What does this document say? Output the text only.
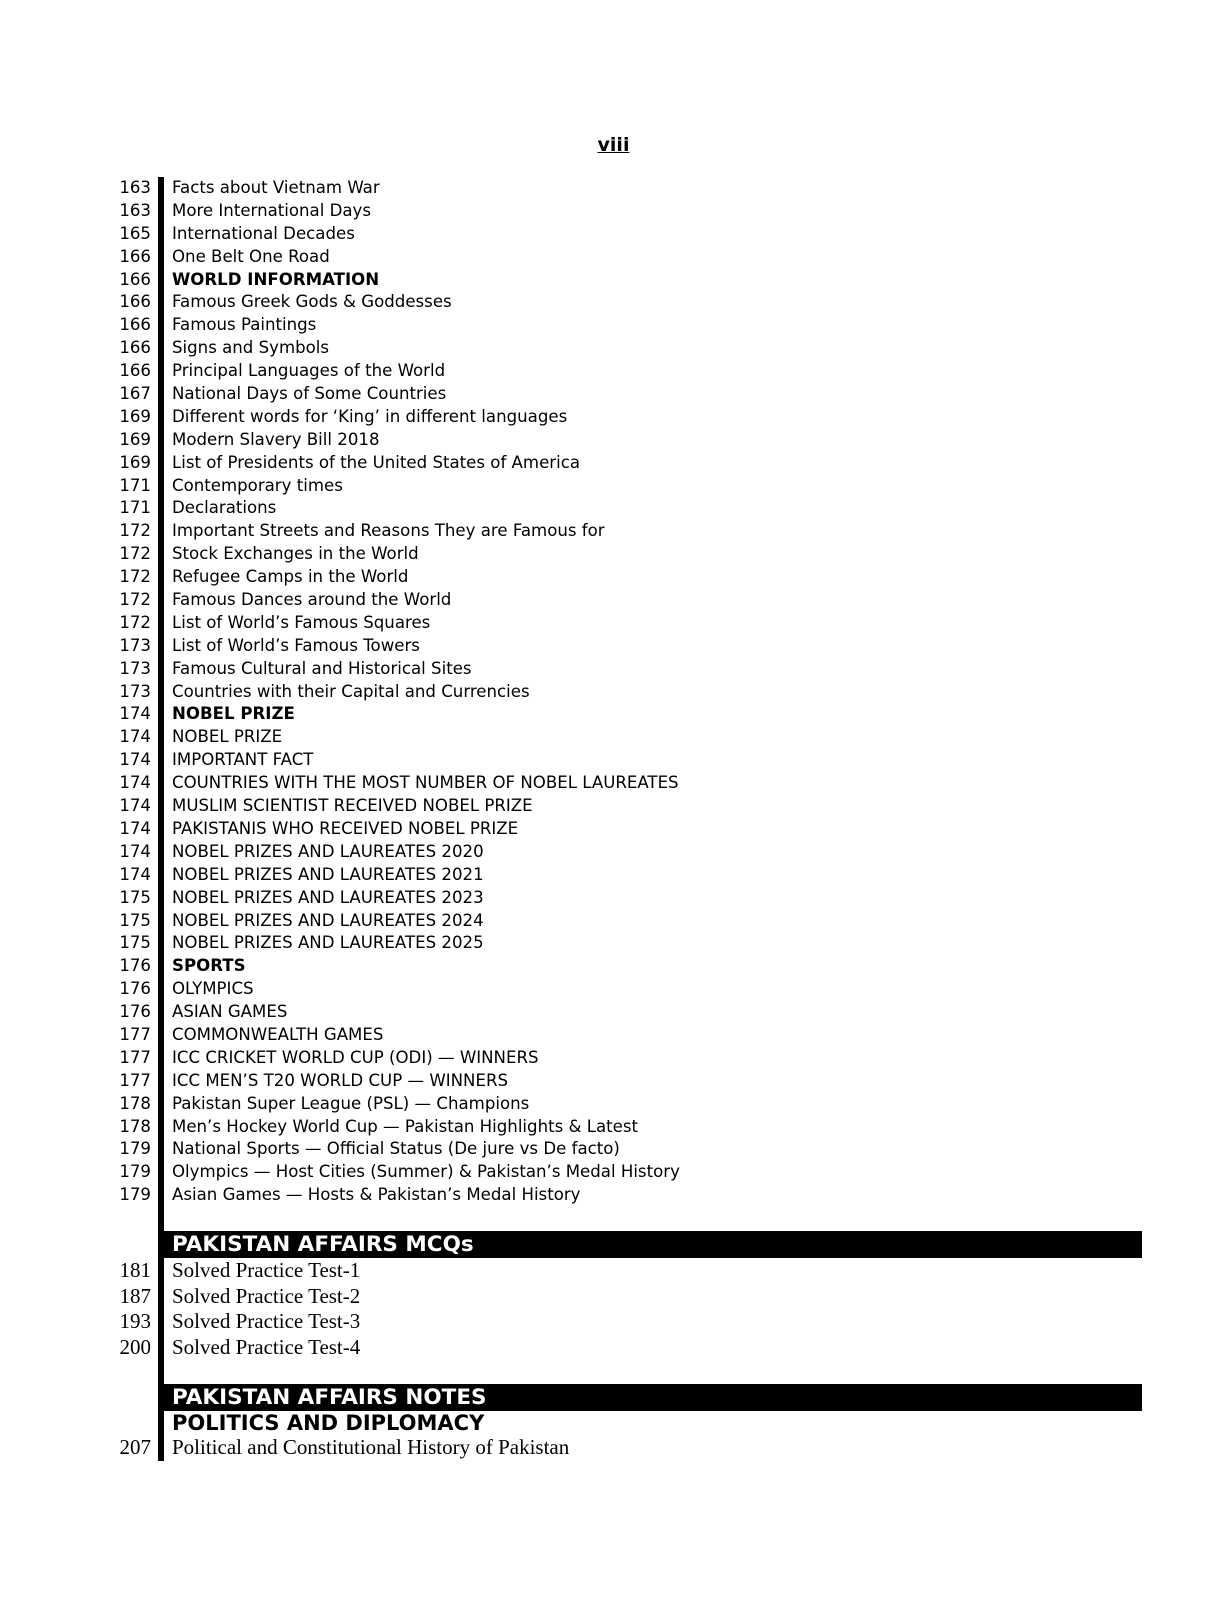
viii
163	Facts about Vietnam War
163	More International Days
165	International Decades
166	One Belt One Road
166	WORLD INFORMATION
166	Famous Greek Gods & Goddesses
166	Famous Paintings
166	Signs and Symbols
166	Principal Languages of the World
167	National Days of Some Countries
169	Different words for ‘King’ in different languages
169	Modern Slavery Bill 2018
169	List of Presidents of the United States of America
171	Contemporary times
171	Declarations
172	Important Streets and Reasons They are Famous for
172	Stock Exchanges in the World
172	Refugee Camps in the World
172	Famous Dances around the World
172	List of World’s Famous Squares
173	List of World’s Famous Towers
173	Famous Cultural and Historical Sites
173	Countries with their Capital and Currencies
174	NOBEL PRIZE
174	NOBEL PRIZE
174	IMPORTANT FACT
174	COUNTRIES WITH THE MOST NUMBER OF NOBEL LAUREATES
174	MUSLIM SCIENTIST RECEIVED NOBEL PRIZE
174	PAKISTANIS WHO RECEIVED NOBEL PRIZE
174	NOBEL PRIZES AND LAUREATES 2020
174	NOBEL PRIZES AND LAUREATES 2021
175	NOBEL PRIZES AND LAUREATES 2023
175	NOBEL PRIZES AND LAUREATES 2024
175	NOBEL PRIZES AND LAUREATES 2025
176	SPORTS
176	OLYMPICS
176	ASIAN GAMES
177	COMMONWEALTH GAMES
177	ICC CRICKET WORLD CUP (ODI) — WINNERS
177	ICC MEN’S T20 WORLD CUP — WINNERS
178	Pakistan Super League (PSL) — Champions
178	Men’s Hockey World Cup — Pakistan Highlights & Latest
179	National Sports — Official Status (De jure vs De facto)
179	Olympics — Host Cities (Summer) & Pakistan’s Medal History
179	Asian Games — Hosts & Pakistan’s Medal History
PAKISTAN AFFAIRS MCQs
181	Solved Practice Test-1
187	Solved Practice Test-2
193	Solved Practice Test-3
200	Solved Practice Test-4
PAKISTAN AFFAIRS NOTES
POLITICS AND DIPLOMACY
207	Political and Constitutional History of Pakistan
